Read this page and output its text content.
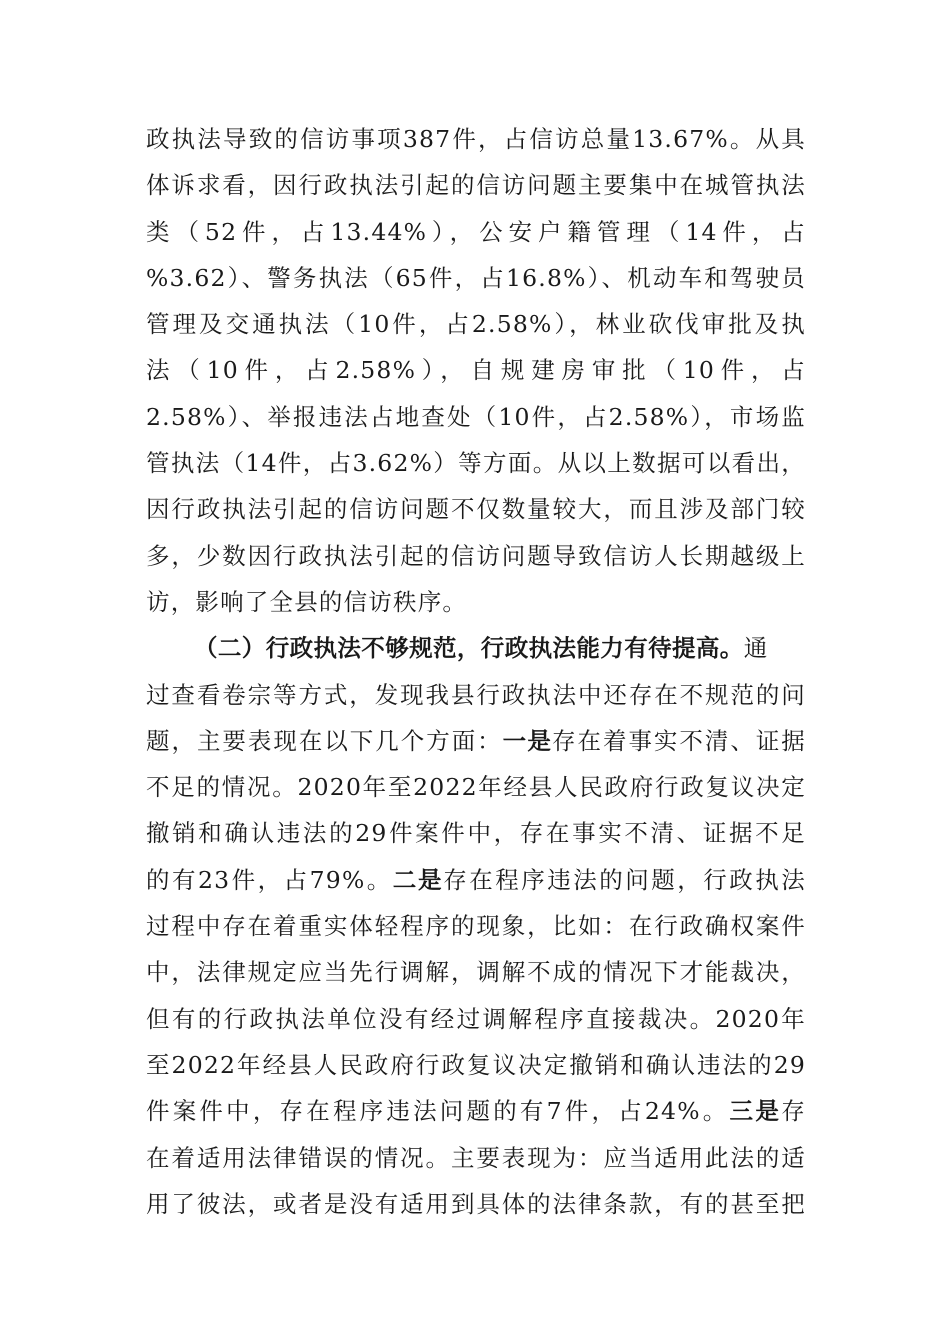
政执法导致的信访事项387件，占信访总量13.67%。从具
体诉求看，因行政执法引起的信访问题主要集中在城管执法
类（52件，占13.44%），公安户籍管理（14件，占
%3.62）、警务执法（65件，占16.8%）、机动车和驾驶员
管理及交通执法（10件，占2.58%），林业砍伐审批及执
法（10件，占2.58%），自规建房审批（10件，占
2.58%）、举报违法占地查处（10件，占2.58%），市场监
管执法（14件，占3.62%）等方面。从以上数据可以看出，
因行政执法引起的信访问题不仅数量较大，而且涉及部门较
多，少数因行政执法引起的信访问题导致信访人长期越级上
访，影响了全县的信访秩序。
（二）行政执法不够规范，行政执法能力有待提高。通
过查看卷宗等方式，发现我县行政执法中还存在不规范的问
题，主要表现在以下几个方面：一是存在着事实不清、证据
不足的情况。2020年至2022年经县人民政府行政复议决定
撤销和确认违法的29件案件中，存在事实不清、证据不足
的有23件，占79%。二是存在程序违法的问题，行政执法
过程中存在着重实体轻程序的现象，比如：在行政确权案件
中，法律规定应当先行调解，调解不成的情况下才能裁决，
但有的行政执法单位没有经过调解程序直接裁决。2020年
至2022年经县人民政府行政复议决定撤销和确认违法的29
件案件中，存在程序违法问题的有7件，占24%。三是存
在着适用法律错误的情况。主要表现为：应当适用此法的适
用了彼法，或者是没有适用到具体的法律条款，有的甚至把
